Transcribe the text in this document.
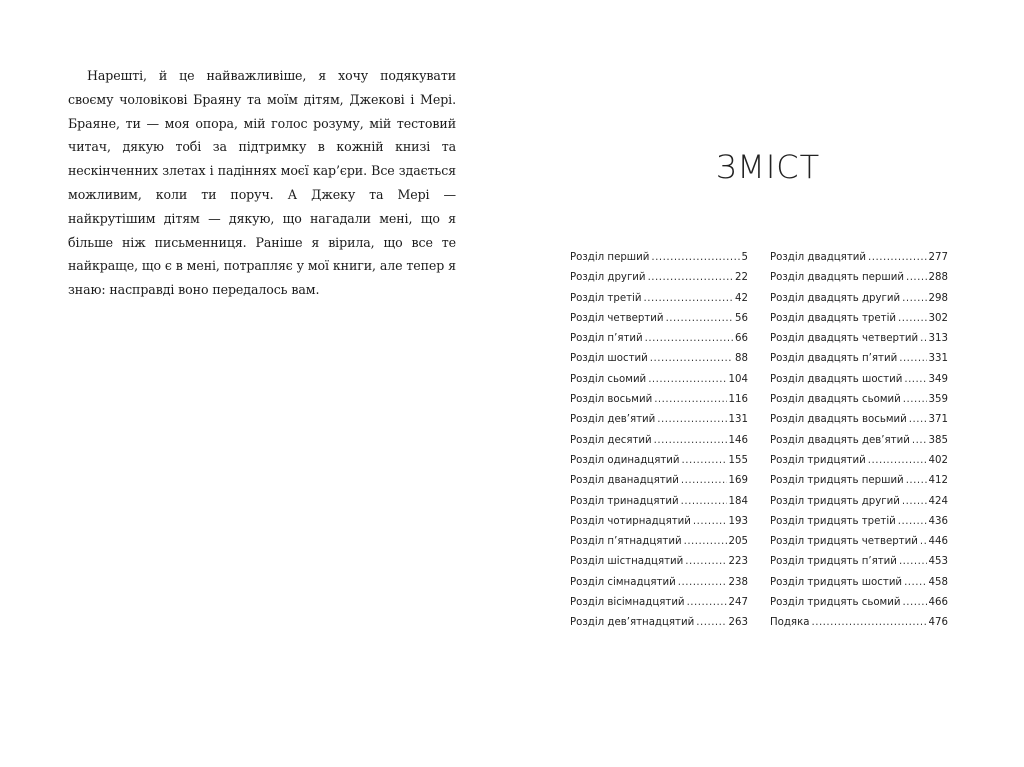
Нарешті, й це найважливіше, я хочу подякувати своєму чоловікові Браяну та моїм дітям, Джекові і Мері. Браяне, ти — моя опора, мій голос розуму, мій тестовий читач, дякую тобі за підтримку в кожній книзі та нескінченних злетах і падіннях моєї кар’єри. Все здається можливим, коли ти поруч. А Джеку та Мері — найкрутішим дітям — дякую, що нагадали мені, що я більше ніж письменниця. Раніше я вірила, що все те найкраще, що є в мені, потрапляє у мої книги, але тепер я знаю: насправді воно передалось вам.

ЗМІСТ
Розділ перший .....	5
Розділ другий .....	22
Розділ третій .....	42
Розділ четвертий .....	56
Розділ п’ятий .....	66
Розділ шостий .....	88
Розділ сьомий .....	104
Розділ восьмий .....	116
Розділ дев’ятий .....	131
Розділ десятий .....	146
Розділ одинадцятий .....	155
Розділ дванадцятий .....	169
Розділ тринадцятий .....	184
Розділ чотирнадцятий .....	193
Розділ п’ятнадцятий .....	205
Розділ шістнадцятий .....	223
Розділ сімнадцятий .....	238
Розділ вісімнадцятий .....	247
Розділ дев’ятнадцятий .....	263
Розділ двадцятий .....	277
Розділ двадцять перший ..... 288
Розділ двадцять другий .....	298
Розділ двадцять третій .....	302
Розділ двадцять четвертий ..... 313
Розділ двадцять п’ятий .....	331
Розділ двадцять шостий .....	349
Розділ двадцять сьомий .....	359
Розділ двадцять восьмий ..... 371
Розділ двадцять дев’ятий ..... 385
Розділ тридцятий .....	402
Розділ тридцять перший ..... 412
Розділ тридцять другий .....	424
Розділ тридцять третій .....	436
Розділ тридцять четвертий ..... 446
Розділ тридцять п’ятий .....	453
Розділ тридцять шостий .....	458
Розділ тридцять сьомий .....	466
Подяка .....	476
